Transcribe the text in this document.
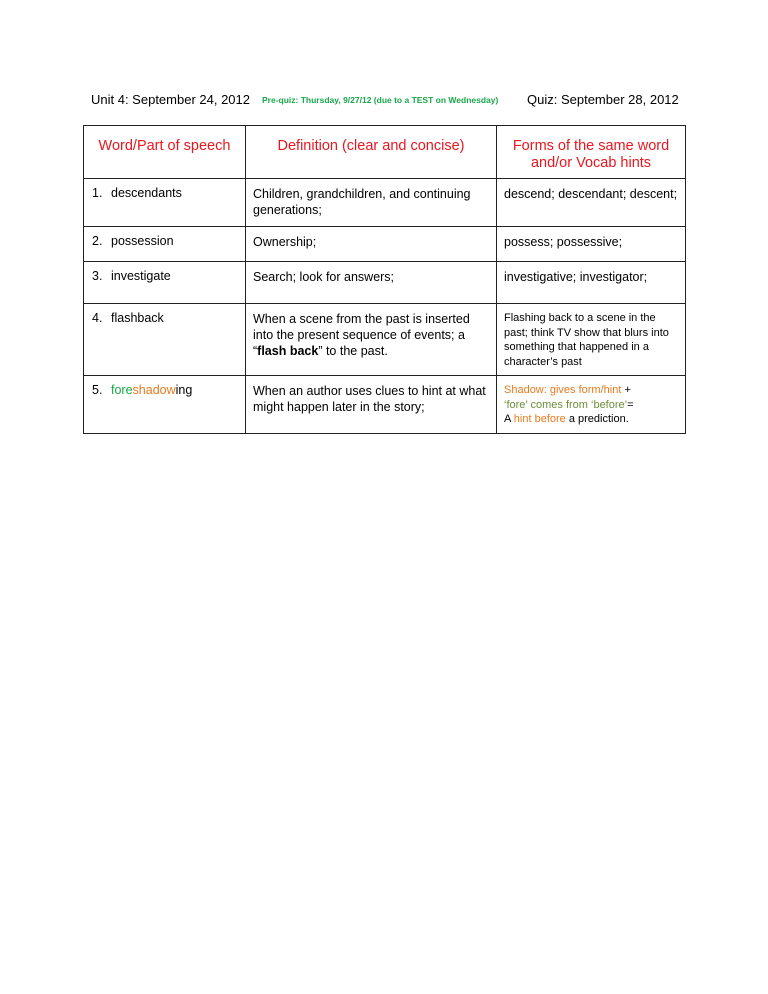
Unit 4: September 24, 2012 Pre-quiz: Thursday, 9/27/12 (due to a TEST on Wednesday) Quiz: September 28, 2012
Word/Part of speech	Definition (clear and concise)	Forms of the same word and/or Vocab hints
1. descendants	Children, grandchildren, and continuing generations;	descend; descendant; descent;
2. possession	Ownership;	possess; possessive;
3. investigate	Search; look for answers;	investigative; investigator;
4. flashback	When a scene from the past is inserted into the present sequence of events; a “flash back” to the past.	Flashing back to a scene in the past; think TV show that blurs into something that happened in a character’s past
5. foreshadowing	When an author uses clues to hint at what might happen later in the story;	Shadow: gives form/hint +
‘fore’ comes from ‘before’=
A hint before a prediction.
